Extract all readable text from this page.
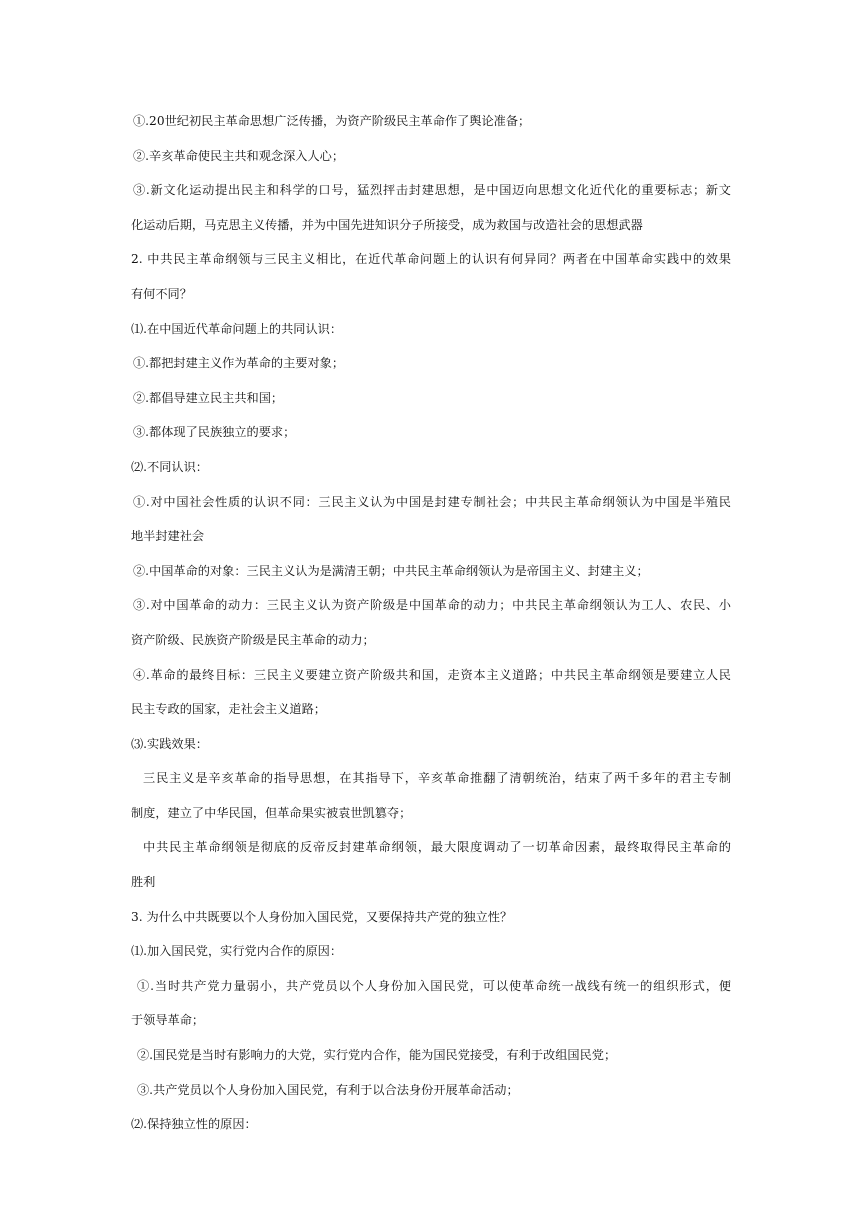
①.20世纪初民主革命思想广泛传播，为资产阶级民主革命作了舆论准备；
②.辛亥革命使民主共和观念深入人心；
③.新文化运动提出民主和科学的口号，猛烈抨击封建思想，是中国迈向思想文化近代化的重要标志；新文
化运动后期，马克思主义传播，并为中国先进知识分子所接受，成为救国与改造社会的思想武器
2. 中共民主革命纲领与三民主义相比，在近代革命问题上的认识有何异同？两者在中国革命实践中的效果
有何不同？
⑴.在中国近代革命问题上的共同认识：
①.都把封建主义作为革命的主要对象；
②.都倡导建立民主共和国；
③.都体现了民族独立的要求；
⑵.不同认识：
①.对中国社会性质的认识不同：三民主义认为中国是封建专制社会；中共民主革命纲领认为中国是半殖民
地半封建社会
②.中国革命的对象：三民主义认为是满清王朝；中共民主革命纲领认为是帝国主义、封建主义；
③.对中国革命的动力：三民主义认为资产阶级是中国革命的动力；中共民主革命纲领认为工人、农民、小
资产阶级、民族资产阶级是民主革命的动力；
④.革命的最终目标：三民主义要建立资产阶级共和国，走资本主义道路；中共民主革命纲领是要建立人民
民主专政的国家，走社会主义道路；
⑶.实践效果：
三民主义是辛亥革命的指导思想，在其指导下，辛亥革命推翻了清朝统治，结束了两千多年的君主专制
制度，建立了中华民国，但革命果实被袁世凯篡夺；
中共民主革命纲领是彻底的反帝反封建革命纲领，最大限度调动了一切革命因素，最终取得民主革命的
胜利
3. 为什么中共既要以个人身份加入国民党，又要保持共产党的独立性？
⑴.加入国民党，实行党内合作的原因：
①.当时共产党力量弱小，共产党员以个人身份加入国民党，可以使革命统一战线有统一的组织形式，便
于领导革命；
②.国民党是当时有影响力的大党，实行党内合作，能为国民党接受，有利于改组国民党；
③.共产党员以个人身份加入国民党，有利于以合法身份开展革命活动；
⑵.保持独立性的原因：
